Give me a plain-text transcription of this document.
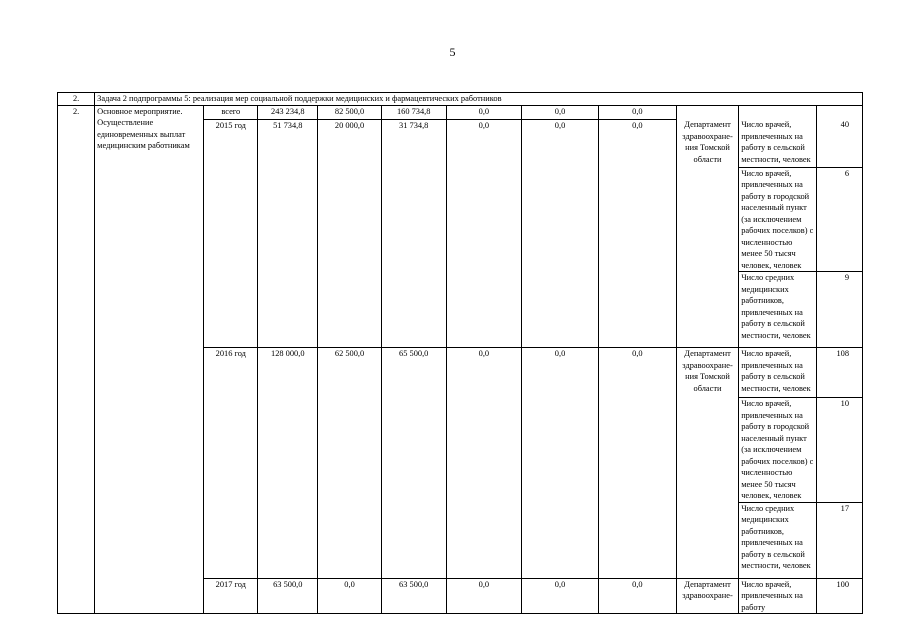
5
2.	Задача 2 подпрограммы 5: реализация мер социальной поддержки медицинских и фармацевтических работников										
2.	Основное мероприятие. Осуществление единовременных выплат медицинским работникам	всего	243 234,8	82 500,0	160 734,8	0,0	0,0	0,0			
		2015 год	51 734,8	20 000,0	31 734,8	0,0	0,0	0,0	Департамент здравоохране-ния Томской области	Число врачей, привлеченных на работу в сельской местности, человек	40
										Число врачей, привлеченных на работу в городской населенный пункт (за исключением рабочих поселков) с численностью менее 50 тысяч человек, человек	6
										Число средних медицинских работников, привлеченных на работу в сельской местности, человек	9
		2016 год	128 000,0	62 500,0	65 500,0	0,0	0,0	0,0	Департамент здравоохране-ния Томской области	Число врачей, привлеченных на работу в сельской местности, человек	108
										Число врачей, привлеченных на работу в городской населенный пункт (за исключением рабочих поселков) с численностью менее 50 тысяч человек, человек	10
										Число средних медицинских работников, привлеченных на работу в сельской местности, человек	17
		2017 год	63 500,0	0,0	63 500,0	0,0	0,0	0,0	Департамент здравоохране-	Число врачей, привлеченных на работу	100
